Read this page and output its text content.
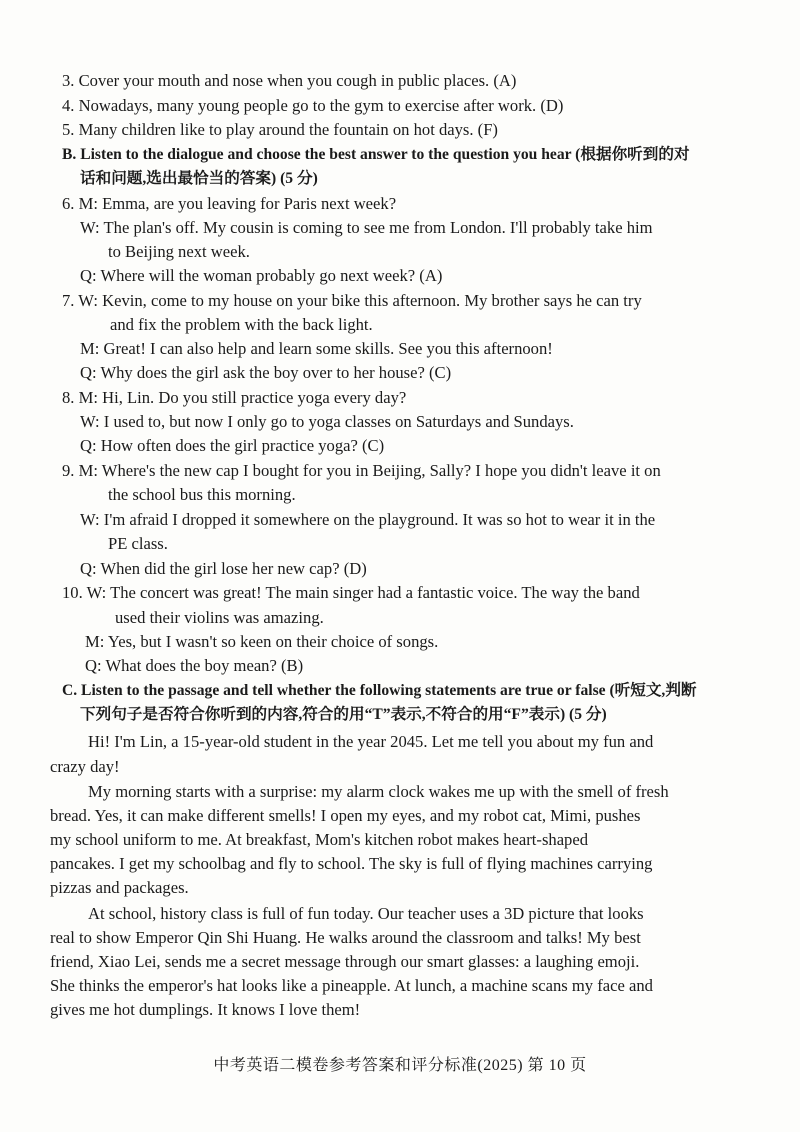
3. Cover your mouth and nose when you cough in public places. (A)
4. Nowadays, many young people go to the gym to exercise after work. (D)
5. Many children like to play around the fountain on hot days. (F)
B. Listen to the dialogue and choose the best answer to the question you hear (根据你听到的对
话和问题,选出最恰当的答案) (5 分)
6. M: Emma, are you leaving for Paris next week?
W: The plan's off. My cousin is coming to see me from London. I'll probably take him
to Beijing next week.
Q: Where will the woman probably go next week? (A)
7. W: Kevin, come to my house on your bike this afternoon. My brother says he can try
and fix the problem with the back light.
M: Great! I can also help and learn some skills. See you this afternoon!
Q: Why does the girl ask the boy over to her house? (C)
8. M: Hi, Lin. Do you still practice yoga every day?
W: I used to, but now I only go to yoga classes on Saturdays and Sundays.
Q: How often does the girl practice yoga? (C)
9. M: Where's the new cap I bought for you in Beijing, Sally? I hope you didn't leave it on
the school bus this morning.
W: I'm afraid I dropped it somewhere on the playground. It was so hot to wear it in the
PE class.
Q: When did the girl lose her new cap? (D)
10. W: The concert was great! The main singer had a fantastic voice. The way the band
used their violins was amazing.
M: Yes, but I wasn't so keen on their choice of songs.
Q: What does the boy mean? (B)
C. Listen to the passage and tell whether the following statements are true or false (听短文,判断
下列句子是否符合你听到的内容,符合的用“T”表示,不符合的用“F”表示) (5 分)
Hi! I'm Lin, a 15-year-old student in the year 2045. Let me tell you about my fun and
crazy day!
My morning starts with a surprise: my alarm clock wakes me up with the smell of fresh
bread. Yes, it can make different smells! I open my eyes, and my robot cat, Mimi, pushes
my school uniform to me. At breakfast, Mom's kitchen robot makes heart-shaped
pancakes. I get my schoolbag and fly to school. The sky is full of flying machines carrying
pizzas and packages.
At school, history class is full of fun today. Our teacher uses a 3D picture that looks
real to show Emperor Qin Shi Huang. He walks around the classroom and talks! My best
friend, Xiao Lei, sends me a secret message through our smart glasses: a laughing emoji.
She thinks the emperor's hat looks like a pineapple. At lunch, a machine scans my face and
gives me hot dumplings. It knows I love them!
中考英语二模卷参考答案和评分标准(2025) 第 10 页
